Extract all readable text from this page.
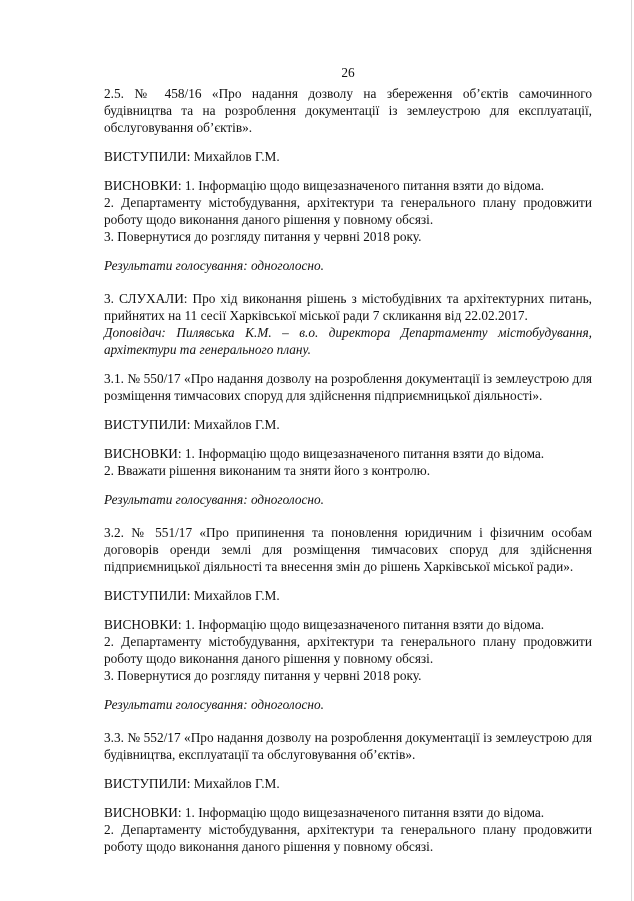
26

2.5. № 458/16 «Про надання дозволу на збереження об’єктів самочинного будівництва та на розроблення документації із землеустрою для експлуатації, обслуговування об’єктів».

ВИСТУПИЛИ: Михайлов Г.М.

ВИСНОВКИ: 1. Інформацію щодо вищезазначеного питання взяти до відома.

2. Департаменту містобудування, архітектури та генерального плану продовжити роботу щодо виконання даного рішення у повному обсязі.

3. Повернутися до розгляду питання у червні 2018 року.

Результати голосування: одноголосно.

3. СЛУХАЛИ: Про хід виконання рішень з містобудівних та архітектурних питань, прийнятих на 11 сесії Харківської міської ради 7 скликання від 22.02.2017.

Доповідач: Пилявська К.М. – в.о. директора Департаменту містобудування, архітектури та генерального плану.

3.1. № 550/17 «Про надання дозволу на розроблення документації із землеустрою для розміщення тимчасових споруд для здійснення підприємницької діяльності».

ВИСТУПИЛИ: Михайлов Г.М.

ВИСНОВКИ: 1. Інформацію щодо вищезазначеного питання взяти до відома.

2. Вважати рішення виконаним та зняти його з контролю.

Результати голосування: одноголосно.

3.2. № 551/17 «Про припинення та поновлення юридичним і фізичним особам договорів оренди землі для розміщення тимчасових споруд для здійснення підприємницької діяльності та внесення змін до рішень Харківської міської ради».

ВИСТУПИЛИ: Михайлов Г.М.

ВИСНОВКИ: 1. Інформацію щодо вищезазначеного питання взяти до відома.

2. Департаменту містобудування, архітектури та генерального плану продовжити роботу щодо виконання даного рішення у повному обсязі.

3. Повернутися до розгляду питання у червні 2018 року.

Результати голосування: одноголосно.

3.3. № 552/17 «Про надання дозволу на розроблення документації із землеустрою для будівництва, експлуатації та обслуговування об’єктів».

ВИСТУПИЛИ: Михайлов Г.М.

ВИСНОВКИ: 1. Інформацію щодо вищезазначеного питання взяти до відома.

2. Департаменту містобудування, архітектури та генерального плану продовжити роботу щодо виконання даного рішення у повному обсязі.
